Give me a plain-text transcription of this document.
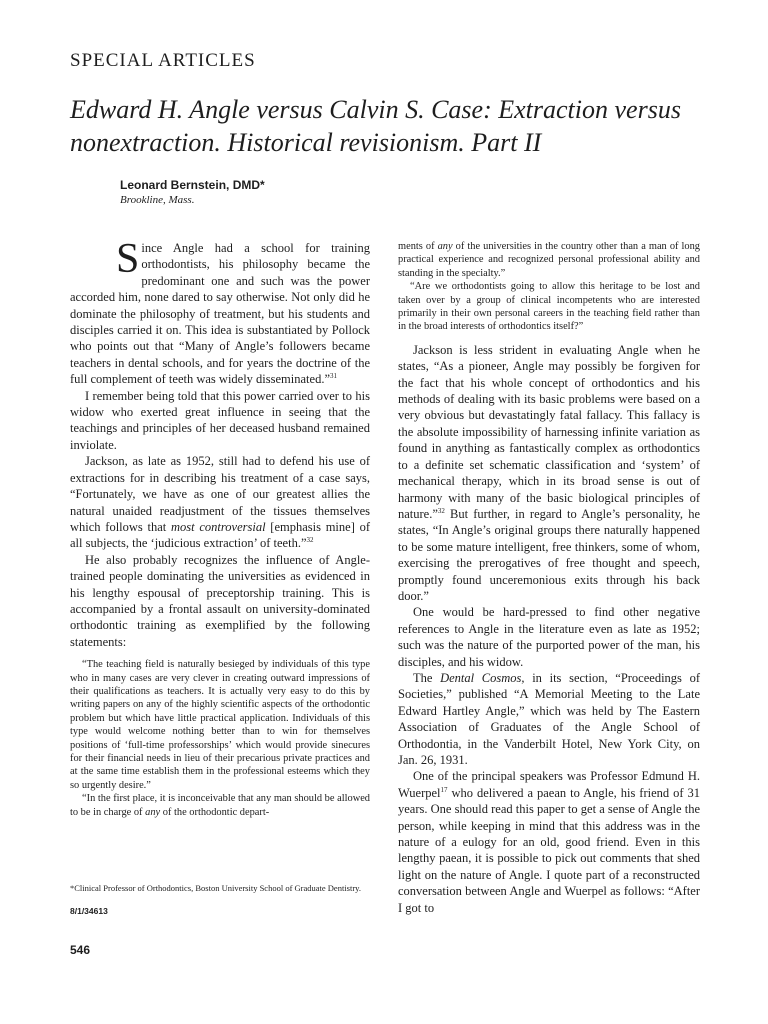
SPECIAL ARTICLES
Edward H. Angle versus Calvin S. Case: Extraction versus nonextraction. Historical revisionism. Part II
Leonard Bernstein, DMD*
Brookline, Mass.

Since Angle had a school for training orthodontists, his philosophy became the predominant one and such was the power accorded him, none dared to say otherwise. Not only did he dominate the philosophy of treatment, but his students and disciples carried it on. This idea is substantiated by Pollock who points out that “Many of Angle’s followers became teachers in dental schools, and for years the doctrine of the full complement of teeth was widely disseminated.”$^{31}$

I remember being told that this power carried over to his widow who exerted great influence in seeing that the teachings and principles of her deceased husband remained inviolate.

Jackson, as late as 1952, still had to defend his use of extractions for in describing his treatment of a case says, “Fortunately, we have as one of our greatest allies the natural unaided readjustment of the tissues themselves which follows that most controversial [emphasis mine] of all subjects, the ‘judicious extraction’ of teeth.”$^{32}$

He also probably recognizes the influence of Angle-trained people dominating the universities as evidenced in his lengthy espousal of preceptorship training. This is accompanied by a frontal assault on university-dominated orthodontic training as exemplified by the following statements:

“The teaching field is naturally besieged by individuals of this type who in many cases are very clever in creating outward impressions of their qualifications as teachers. It is actually very easy to do this by writing papers on any of the highly scientific aspects of the orthodontic problem but which have little practical application. Individuals of this type would welcome nothing better than to win for themselves positions of ‘full-time professorships’ which would provide sinecures for their financial needs in lieu of their precarious private practices and at the same time establish them in the professional esteems which they so urgently desire.”

“In the first place, it is inconceivable that any man should be allowed to be in charge of any of the orthodontic depart-

ments of any of the universities in the country other than a man of long practical experience and recognized personal professional ability and standing in the specialty.”

“Are we orthodontists going to allow this heritage to be lost and taken over by a group of clinical incompetents who are interested primarily in their own personal careers in the teaching field rather than in the broad interests of orthodontics itself?”

Jackson is less strident in evaluating Angle when he states, “As a pioneer, Angle may possibly be forgiven for the fact that his whole concept of orthodontics and his methods of dealing with its basic problems were based on a very obvious but devastatingly fatal fallacy. This fallacy is the absolute impossibility of harnessing infinite variation as found in anything as fantastically complex as orthodontics to a definite set schematic classification and ‘system’ of mechanical therapy, which in its broad sense is out of harmony with many of the basic biological principles of nature.”$^{32}$ But further, in regard to Angle’s personality, he states, “In Angle’s original groups there naturally happened to be some mature intelligent, free thinkers, some of whom, exercising the prerogatives of free thought and speech, promptly found unceremonious exits through his back door.”

One would be hard-pressed to find other negative references to Angle in the literature even as late as 1952; such was the nature of the purported power of the man, his disciples, and his widow.

The Dental Cosmos, in its section, “Proceedings of Societies,” published “A Memorial Meeting to the Late Edward Hartley Angle,” which was held by The Eastern Association of Graduates of the Angle School of Orthodontia, in the Vanderbilt Hotel, New York City, on Jan. 26, 1931.

One of the principal speakers was Professor Edmund H. Wuerpel$^{17}$ who delivered a paean to Angle, his friend of 31 years. One should read this paper to get a sense of Angle the person, while keeping in mind that this address was in the nature of a eulogy for an old, good friend. Even in this lengthy paean, it is possible to pick out comments that shed light on the nature of Angle. I quote part of a reconstructed conversation between Angle and Wuerpel as follows: “After I got to

*Clinical Professor of Orthodontics, Boston University School of Graduate Dentistry.

8/1/34613
546
